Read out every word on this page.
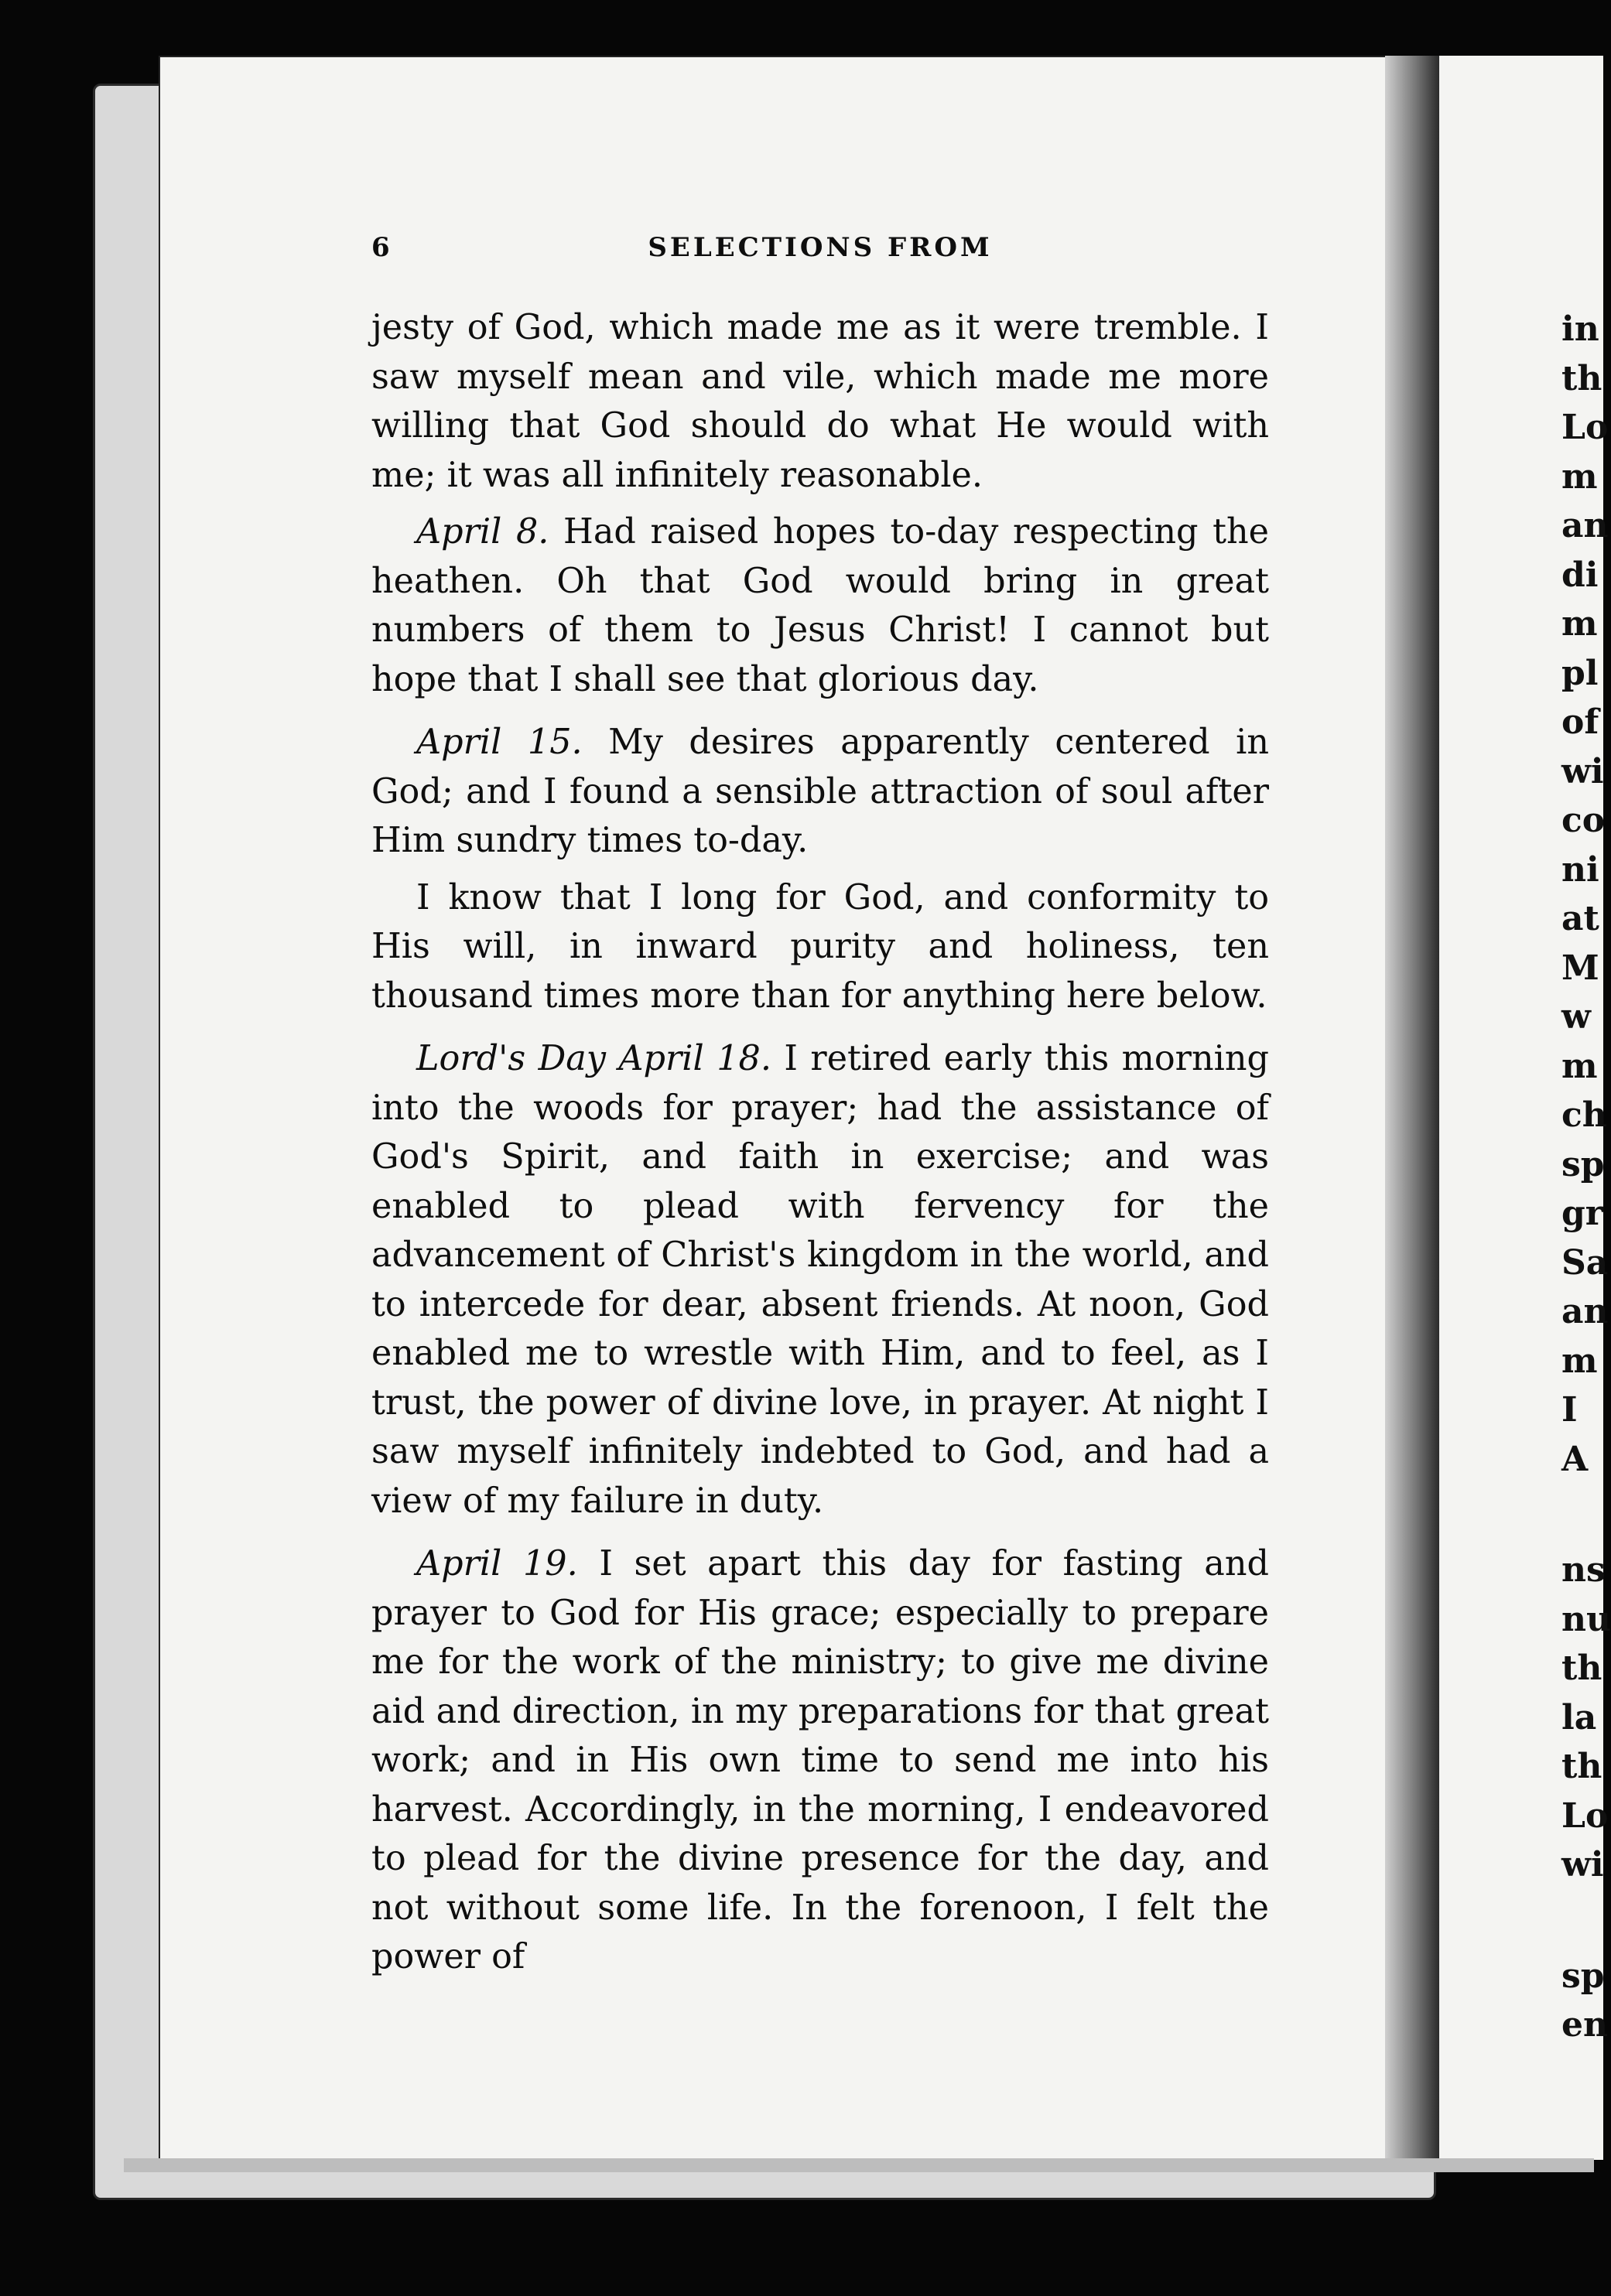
6	SELECTIONS FROM

jesty of God, which made me as it were tremble. I saw myself mean and vile, which made me more willing that God should do what He would with me; it was all infinitely reasonable.

April 8. Had raised hopes to-day respecting the heathen. Oh that God would bring in great numbers of them to Jesus Christ! I cannot but hope that I shall see that glorious day.

April 15. My desires apparently centered in God; and I found a sensible attraction of soul after Him sundry times to-day.

I know that I long for God, and conformity to His will, in inward purity and holiness, ten thousand times more than for anything here below.

Lord's Day April 18. I retired early this morning into the woods for prayer; had the assistance of God's Spirit, and faith in exercise; and was enabled to plead with fervency for the advancement of Christ's kingdom in the world, and to intercede for dear, absent friends. At noon, God enabled me to wrestle with Him, and to feel, as I trust, the power of divine love, in prayer. At night I saw myself infinitely indebted to God, and had a view of my failure in duty.

April 19. I set apart this day for fasting and prayer to God for His grace; especially to prepare me for the work of the ministry; to give me divine aid and direction, in my preparations for that great work; and in His own time to send me into his harvest. Accordingly, in the morning, I endeavored to plead for the divine presence for the day, and not without some life. In the forenoon, I felt the power of

in
th
Lo
m
an
di
m
pl
of
wi
co
ni
at
M
w
m
ch
sp
gr
Sa
an
m
I
A
ns
nu
th
la
th
Lo
wi
sp
en
